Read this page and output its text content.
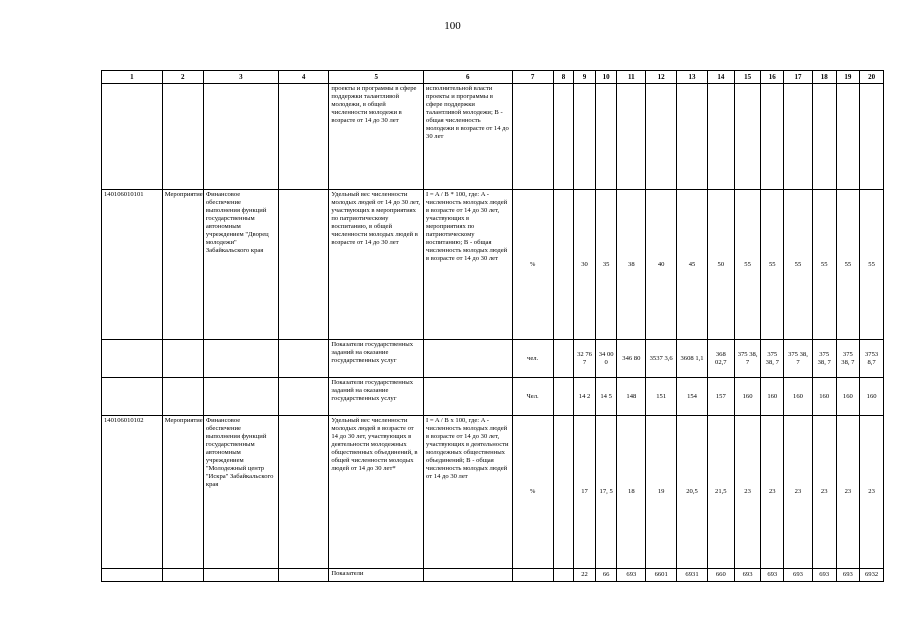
100
1	2	3	4	5	6	7	8	9	10	11	12	13	14	15	16	17	18	19	20
				проекты и программы в сфере поддержки талантливой молодежи, в общей численности молодежи в возрасте от 14 до 30 лет	исполнительной власти проекты и программы в сфере поддержки талантливой молодежи; В - общая численность молодежи в возрасте от 14 до 30 лет														
140106010101	Мероприятие	Финансовое обеспечение выполнения функций государственным автономным учреждением "Дворец молодежи" Забайкальского края		Удельный вес численности молодых людей от 14 до 30 лет, участвующих в мероприятиях по патриотическому воспитанию, в общей численности молодых людей в возрасте от 14 до 30 лет	I = A / B * 100, где: A - численность молодых людей в возрасте от 14 до 30 лет, участвующих в мероприятиях по патриотическому воспитанию; B - общая численность молодых людей в возрасте от 14 до 30 лет	%		30	35	38	40	45	50	55	55	55	55	55	55
				Показатели государственных заданий на оказание государственных услуг		чел.		32 76 7	34 00 0	346 80	3537 3,6	3608 1,1	368 02,7	375 38, 7	375 38, 7	375 38, 7	375 38, 7	375 38, 7	3753 8,7
				Показатели государственных заданий на оказание государственных услуг		Чел.		14 2	14 5	148	151	154	157	160	160	160	160	160	160
140106010102	Мероприятие	Финансовое обеспечение выполнения функций государственным автономным учреждением "Молодежный центр "Искра" Забайкальского края		Удельный вес численности молодых людей в возрасте от 14 до 30 лет, участвующих в деятельности молодежных общественных объединений, в общей численности молодых людей от 14 до 30 лет*	I = A / B x 100, где: A - численность молодых людей в возрасте от 14 до 30 лет, участвующих в деятельности молодежных общественных объединений; B - общая численность молодых людей от 14 до 30 лет	%		17	17, 5	18	19	20,5	21,5	23	23	23	23	23	23
				Показатели				22	66	693	6601	6931	660	693	693	693	693	693	6932
